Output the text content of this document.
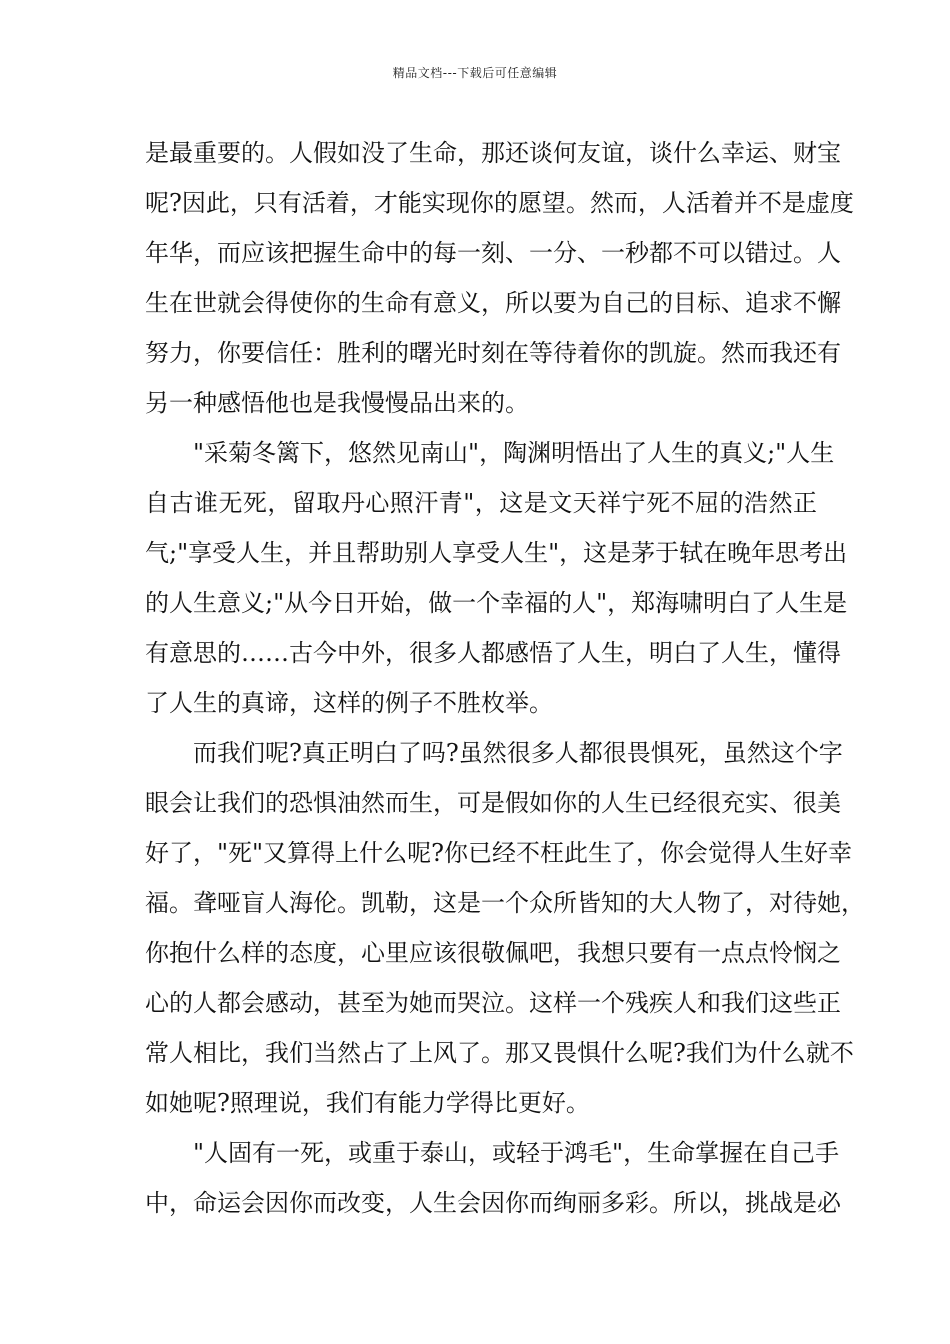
精品文档---下载后可任意编辑
是最重要的。人假如没了生命，那还谈何友谊，谈什么幸运、财宝
呢?因此，只有活着，才能实现你的愿望。然而，人活着并不是虚度
年华，而应该把握生命中的每一刻、一分、一秒都不可以错过。人
生在世就会得使你的生命有意义，所以要为自己的目标、追求不懈
努力，你要信任：胜利的曙光时刻在等待着你的凯旋。然而我还有
另一种感悟他也是我慢慢品出来的。
"采菊冬篱下，悠然见南山"，陶渊明悟出了人生的真义;"人生
自古谁无死，留取丹心照汗青"，这是文天祥宁死不屈的浩然正
气;"享受人生，并且帮助别人享受人生"，这是茅于轼在晚年思考出
的人生意义;"从今日开始，做一个幸福的人"，郑海啸明白了人生是
有意思的……古今中外，很多人都感悟了人生，明白了人生，懂得
了人生的真谛，这样的例子不胜枚举。
而我们呢?真正明白了吗?虽然很多人都很畏惧死，虽然这个字
眼会让我们的恐惧油然而生，可是假如你的人生已经很充实、很美
好了，"死"又算得上什么呢?你已经不枉此生了，你会觉得人生好幸
福。聋哑盲人海伦。凯勒，这是一个众所皆知的大人物了，对待她，
你抱什么样的态度，心里应该很敬佩吧，我想只要有一点点怜悯之
心的人都会感动，甚至为她而哭泣。这样一个残疾人和我们这些正
常人相比，我们当然占了上风了。那又畏惧什么呢?我们为什么就不
如她呢?照理说，我们有能力学得比更好。
"人固有一死，或重于泰山，或轻于鸿毛"，生命掌握在自己手
中，命运会因你而改变，人生会因你而绚丽多彩。所以，挑战是必
